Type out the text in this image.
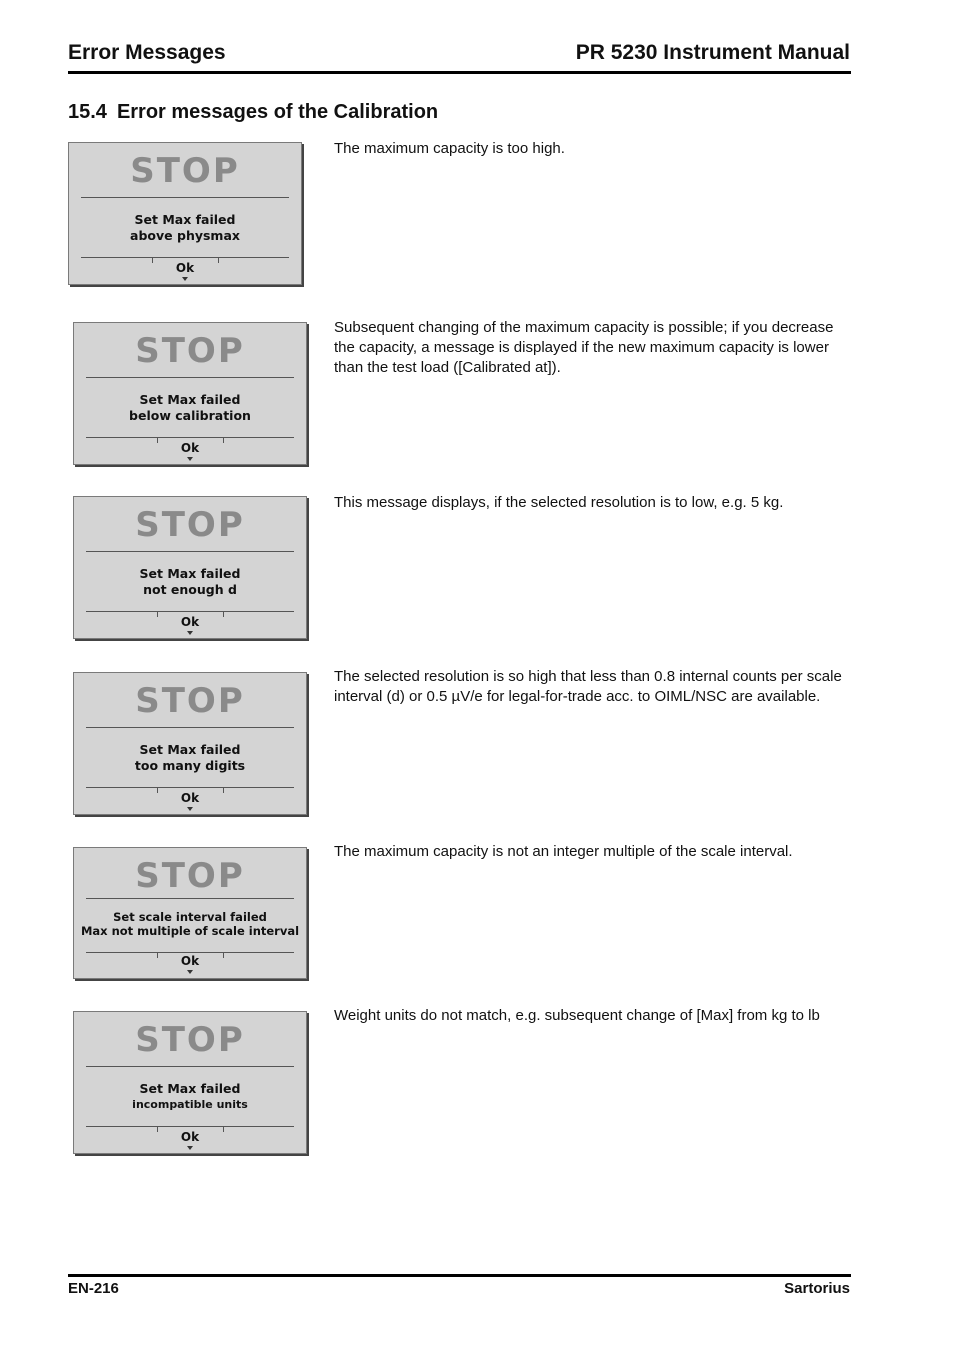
Error Messages	PR 5230 Instrument Manual
15.4 Error messages of the Calibration
STOP
Set Max failed
above physmax
Ok
The maximum capacity is too high.
STOP
Set Max failed
below calibration
Ok
Subsequent changing of the maximum capacity is possible; if you decrease the capacity, a message is displayed if the new maximum capacity is lower than the test load ([Calibrated at]).
STOP
Set Max failed
not enough d
Ok
This message displays, if the selected resolution is to low, e.g. 5 kg.
STOP
Set Max failed
too many digits
Ok
The selected resolution is so high that less than 0.8 internal counts per scale interval (d) or 0.5 µV/e for legal-for-trade acc. to OIML/NSC are available.
STOP
Set scale interval failed
Max not multiple of scale interval
Ok
The maximum capacity is not an integer multiple of the scale interval.
STOP
Set Max failed
incompatible units
Ok
Weight units do not match, e.g. subsequent change of [Max] from kg to lb
EN-216	Sartorius
